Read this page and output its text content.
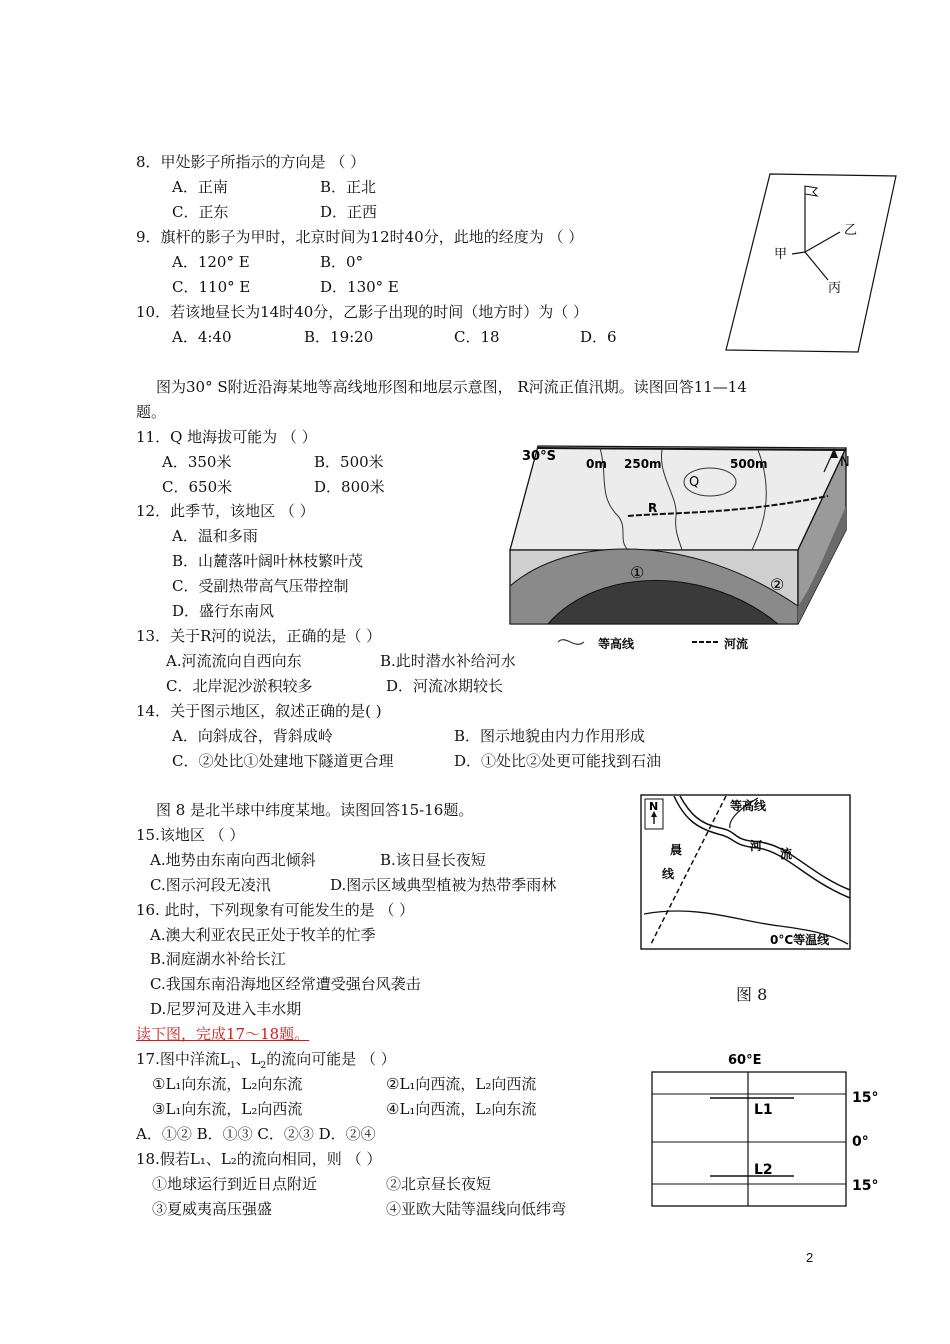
8．甲处影子所指示的方向是 （ ）
A．正南	B．正北
C．正东	D．正西
9．旗杆的影子为甲时，北京时间为12时40分，此地的经度为 （ ）
A．120° E	B．0°
C．110° E	D．130° E
10．若该地昼长为14时40分，乙影子出现的时间（地方时）为（ ）
A．4:40	B．19:20	C．18	D．6
乙
甲
丙
图为30° S附近沿海某地等高线地形图和地层示意图， R河流正值汛期。读图回答11—14
题。
11．Q 地海拔可能为 （ ）
A．350米	B．500米
C．650米	D．800米
12．此季节，该地区 （ ）
A．温和多雨
B．山麓落叶阔叶林枝繁叶茂
C．受副热带高气压带控制
D．盛行东南风
13．关于R河的说法，正确的是（ ）
A.河流流向自西向东	B.此时潜水补给河水
C．北岸泥沙淤积较多	D．河流冰期较长
14．关于图示地区，叙述正确的是( )
A．向斜成谷，背斜成岭	B．图示地貌由内力作用形成
C．②处比①处建地下隧道更合理	D．①处比②处更可能找到石油
30°S	0m 250m	500m
Q
R
N
①
②
等高线	河流
图 8 是北半球中纬度某地。读图回答15-16题。
15.该地区 （ ）
A.地势由东南向西北倾斜	B.该日昼长夜短
C.图示河段无凌汛	D.图示区域典型植被为热带季雨林
16. 此时，下列现象有可能发生的是 （ ）
A.澳大利亚农民正处于牧羊的忙季
B.洞庭湖水补给长江
C.我国东南沿海地区经常遭受强台风袭击
D.尼罗河及进入丰水期
N	等高线
晨
线
河
流
0°C等温线
图 8
读下图，完成17～18题。
17.图中洋流$L_1$、$L_2$的流向可能是 （ ）
①L₁向东流，L₂向东流	②L₁向西流，L₂向西流
③L₁向东流，L₂向西流	④L₁向西流，L₂向东流
A．①② B．①③ C．②③ D．②④
18.假若L₁、L₂的流向相同，则 （ ）
①地球运行到近日点附近	②北京昼长夜短
③夏威夷高压强盛	④亚欧大陆等温线向低纬弯
60°E
L1
L2
15°
0°
15°
2
